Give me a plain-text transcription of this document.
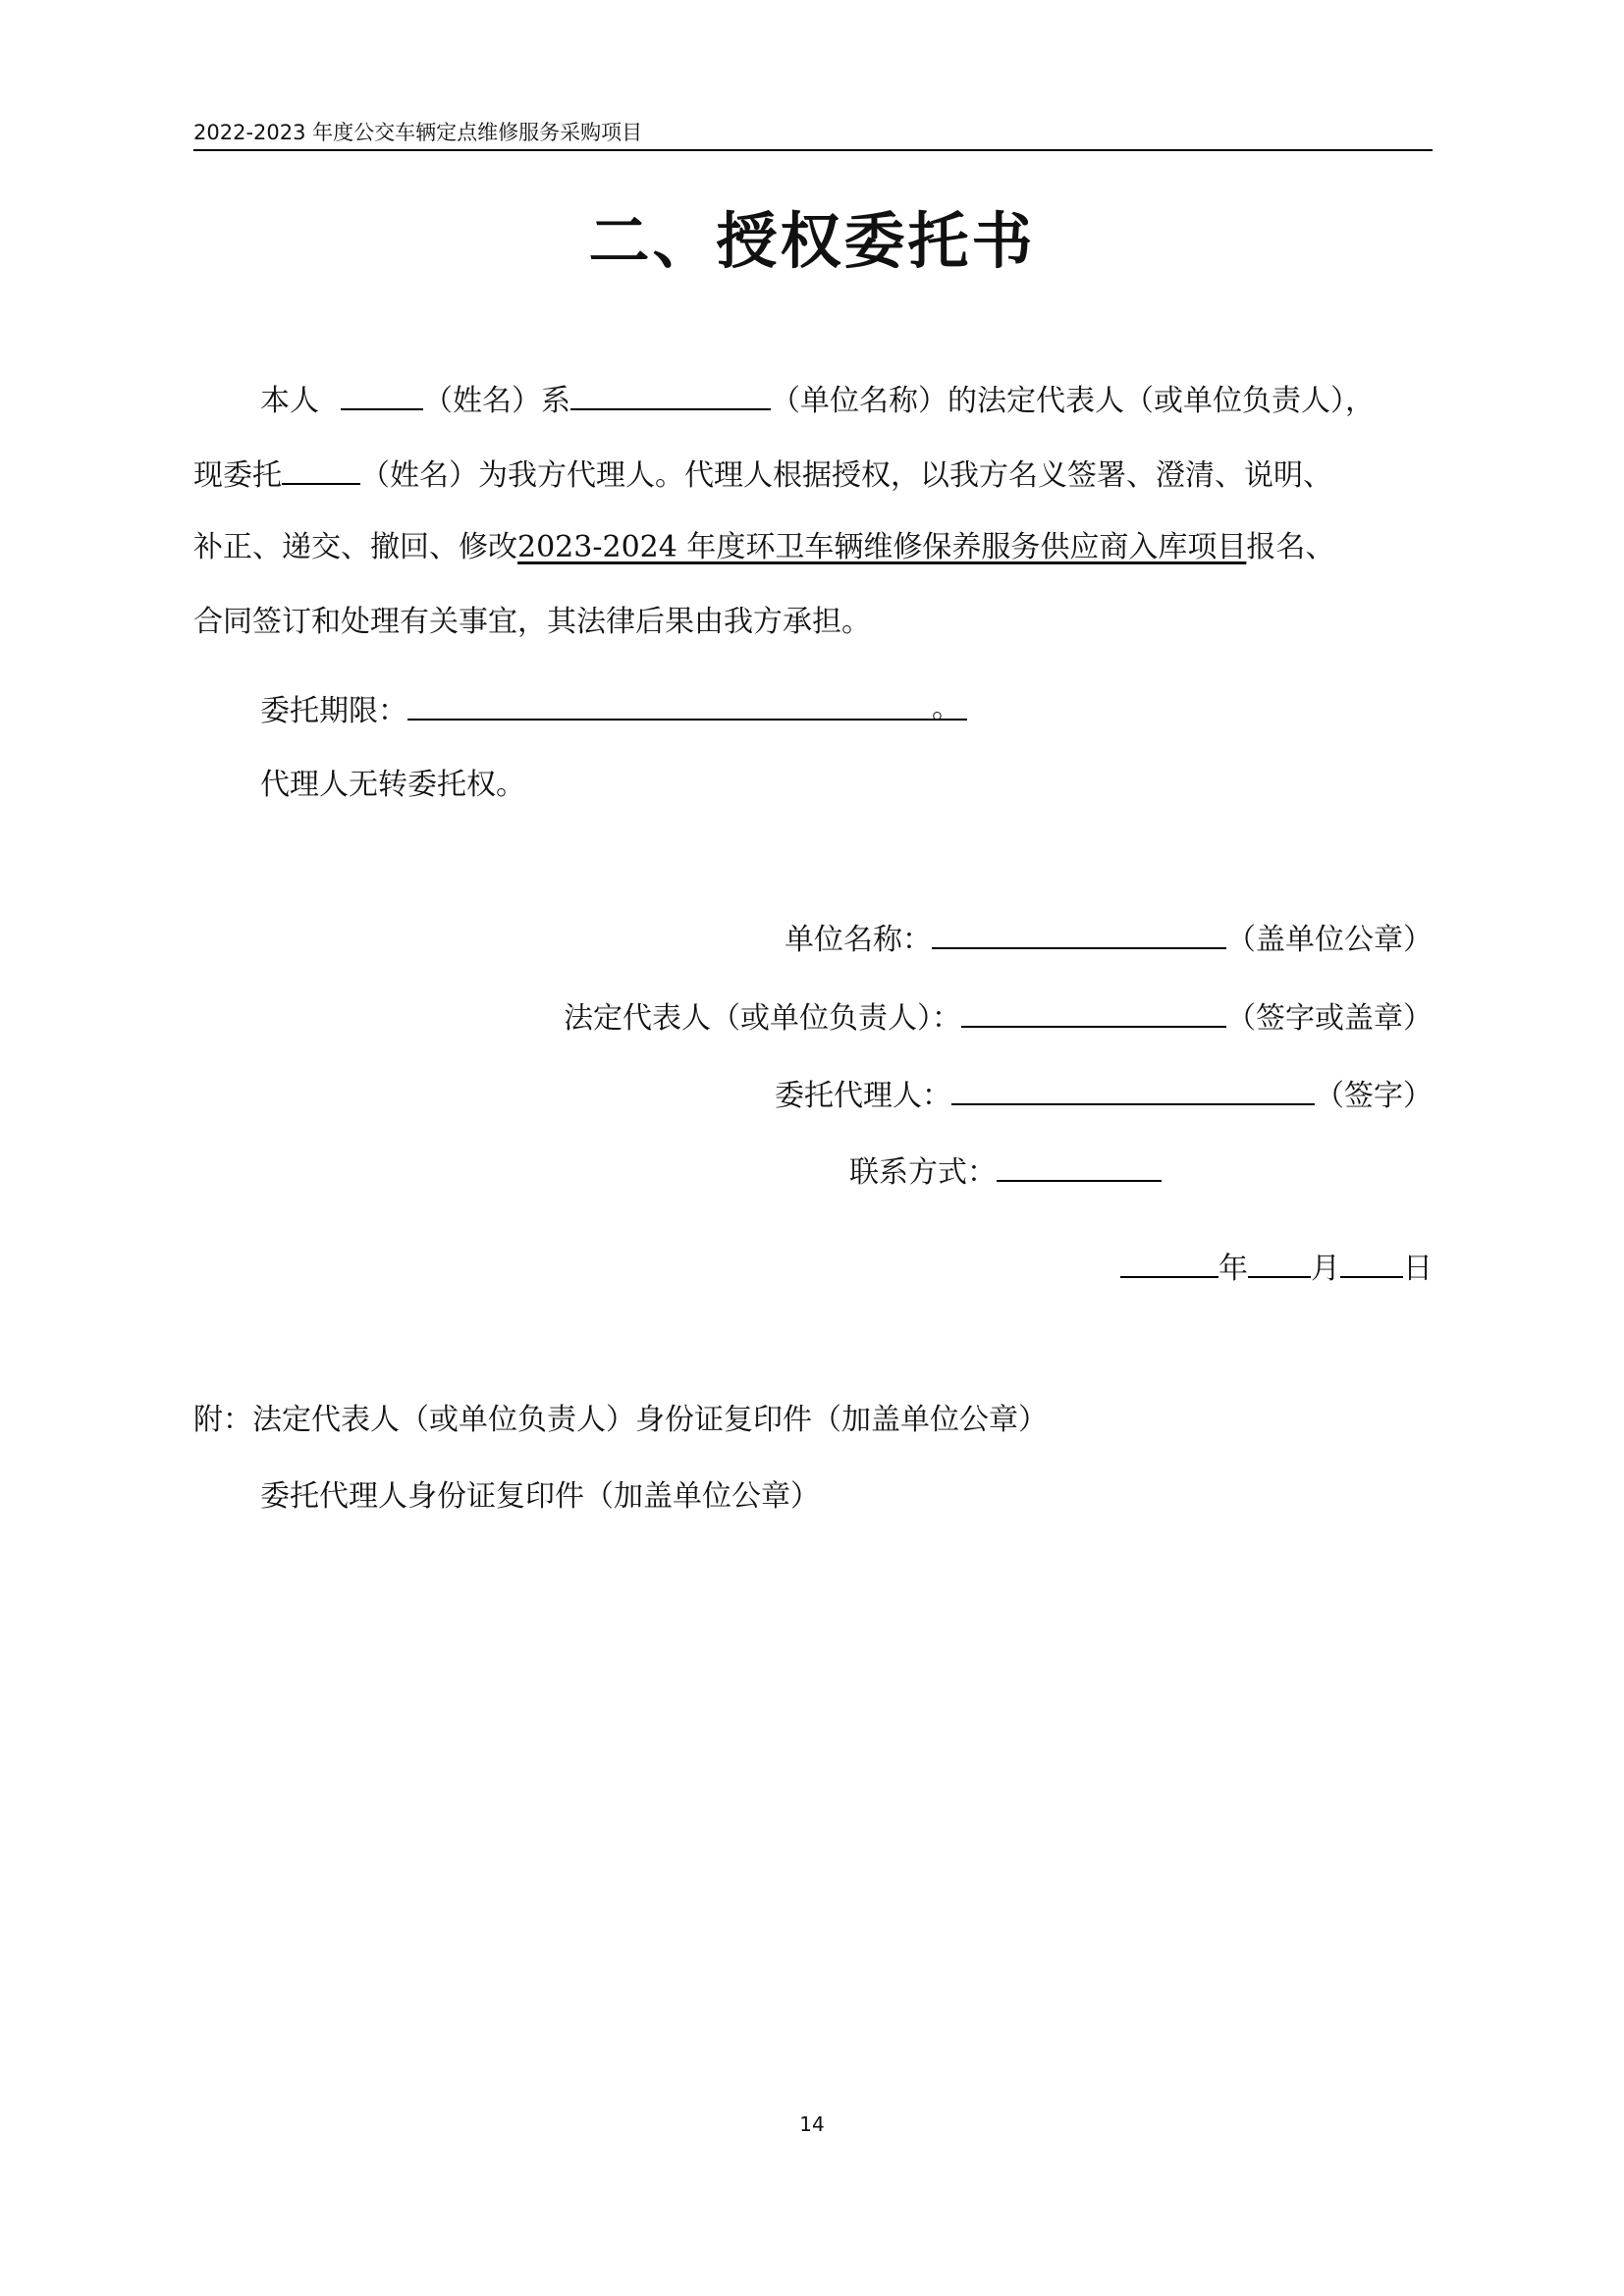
2022-2023 年度公交车辆定点维修服务采购项目
二、授权委托书
本人	（姓名）系	（单位名称）的法定代表人（或单位负责人），
现委托	（姓名）为我方代理人。代理人根据授权，以我方名义签署、澄清、说明、
补正、递交、撤回、修改2023-2024 年度环卫车辆维修保养服务供应商入库项目报名、
合同签订和处理有关事宜，其法律后果由我方承担。
委托期限：	。
代理人无转委托权。
单位名称：	（盖单位公章）
法定代表人（或单位负责人）：	（签字或盖章）
委托代理人：	（签字）
联系方式：
年 月 日
附：法定代表人（或单位负责人）身份证复印件（加盖单位公章）
委托代理人身份证复印件（加盖单位公章）
14
